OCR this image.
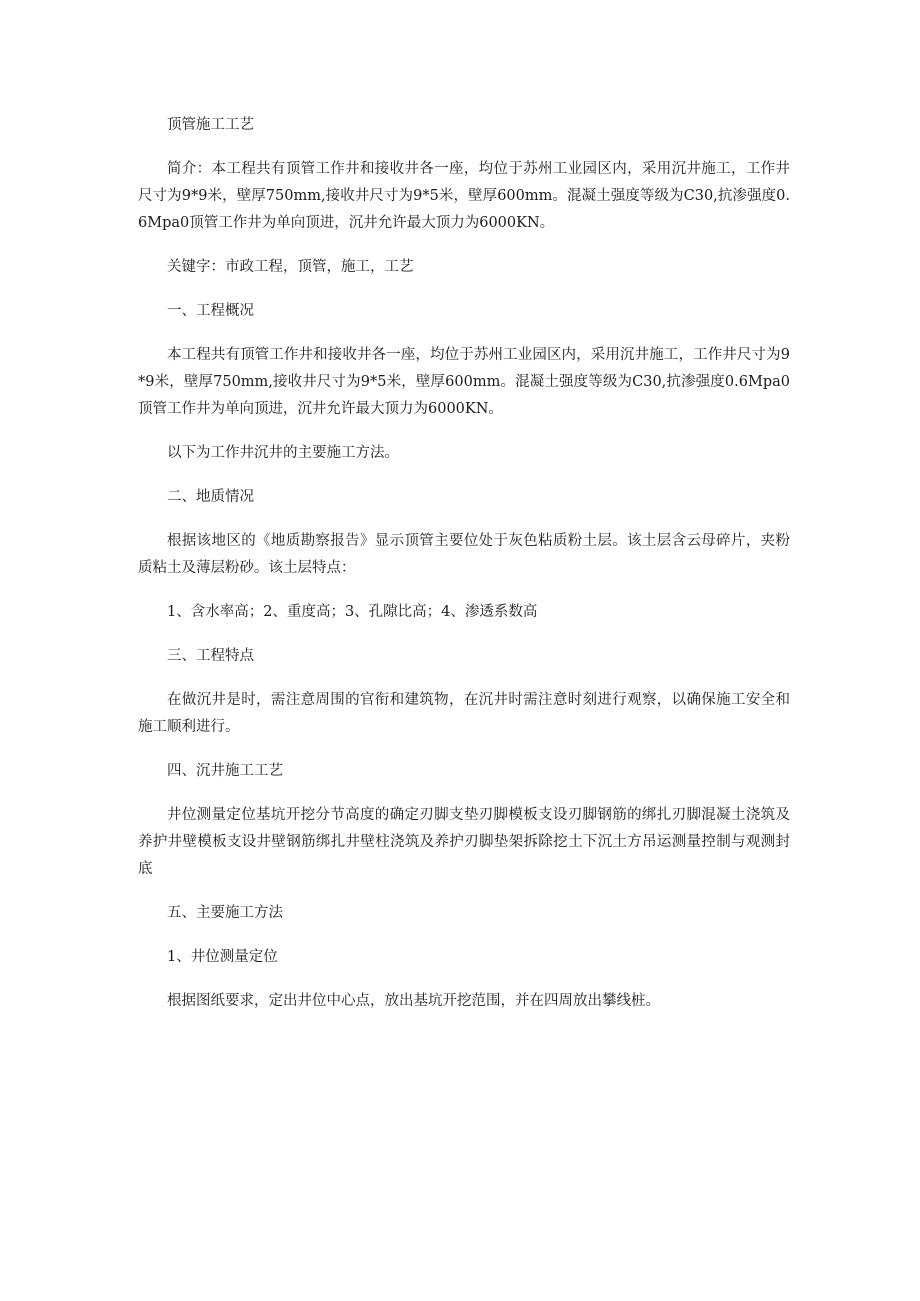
顶管施工工艺

简介：本工程共有顶管工作井和接收井各一座，均位于苏州工业园区内，采用沉井施工，工作井尺寸为9*9米，壁厚750mm,接收井尺寸为9*5米，壁厚600mm。混凝土强度等级为C30,抗渗强度0.6Mpa0顶管工作井为单向顶进，沉井允许最大顶力为6000KN。

关键字：市政工程，顶管，施工，工艺

一、工程概况

本工程共有顶管工作井和接收井各一座，均位于苏州工业园区内，采用沉井施工，工作井尺寸为9*9米，壁厚750mm,接收井尺寸为9*5米，壁厚600mm。混凝土强度等级为C30,抗渗强度0.6Mpa0顶管工作井为单向顶进，沉井允许最大顶力为6000KN。

以下为工作井沉井的主要施工方法。

二、地质情况

根据该地区的《地质勘察报告》显示顶管主要位处于灰色粘质粉土层。该土层含云母碎片，夹粉质粘土及薄层粉砂。该土层特点：

1、含水率高；2、重度高；3、孔隙比高；4、渗透系数高

三、工程特点

在做沉井是时，需注意周围的官衔和建筑物，在沉井时需注意时刻进行观察，以确保施工安全和施工顺利进行。

四、沉井施工工艺

井位测量定位基坑开挖分节高度的确定刃脚支垫刃脚模板支设刃脚钢筋的绑扎刃脚混凝土浇筑及养护井壁模板支设井壁钢筋绑扎井壁柱浇筑及养护刃脚垫架拆除挖土下沉土方吊运测量控制与观测封底

五、主要施工方法

1、井位测量定位

根据图纸要求，定出井位中心点，放出基坑开挖范围，并在四周放出攀线桩。
